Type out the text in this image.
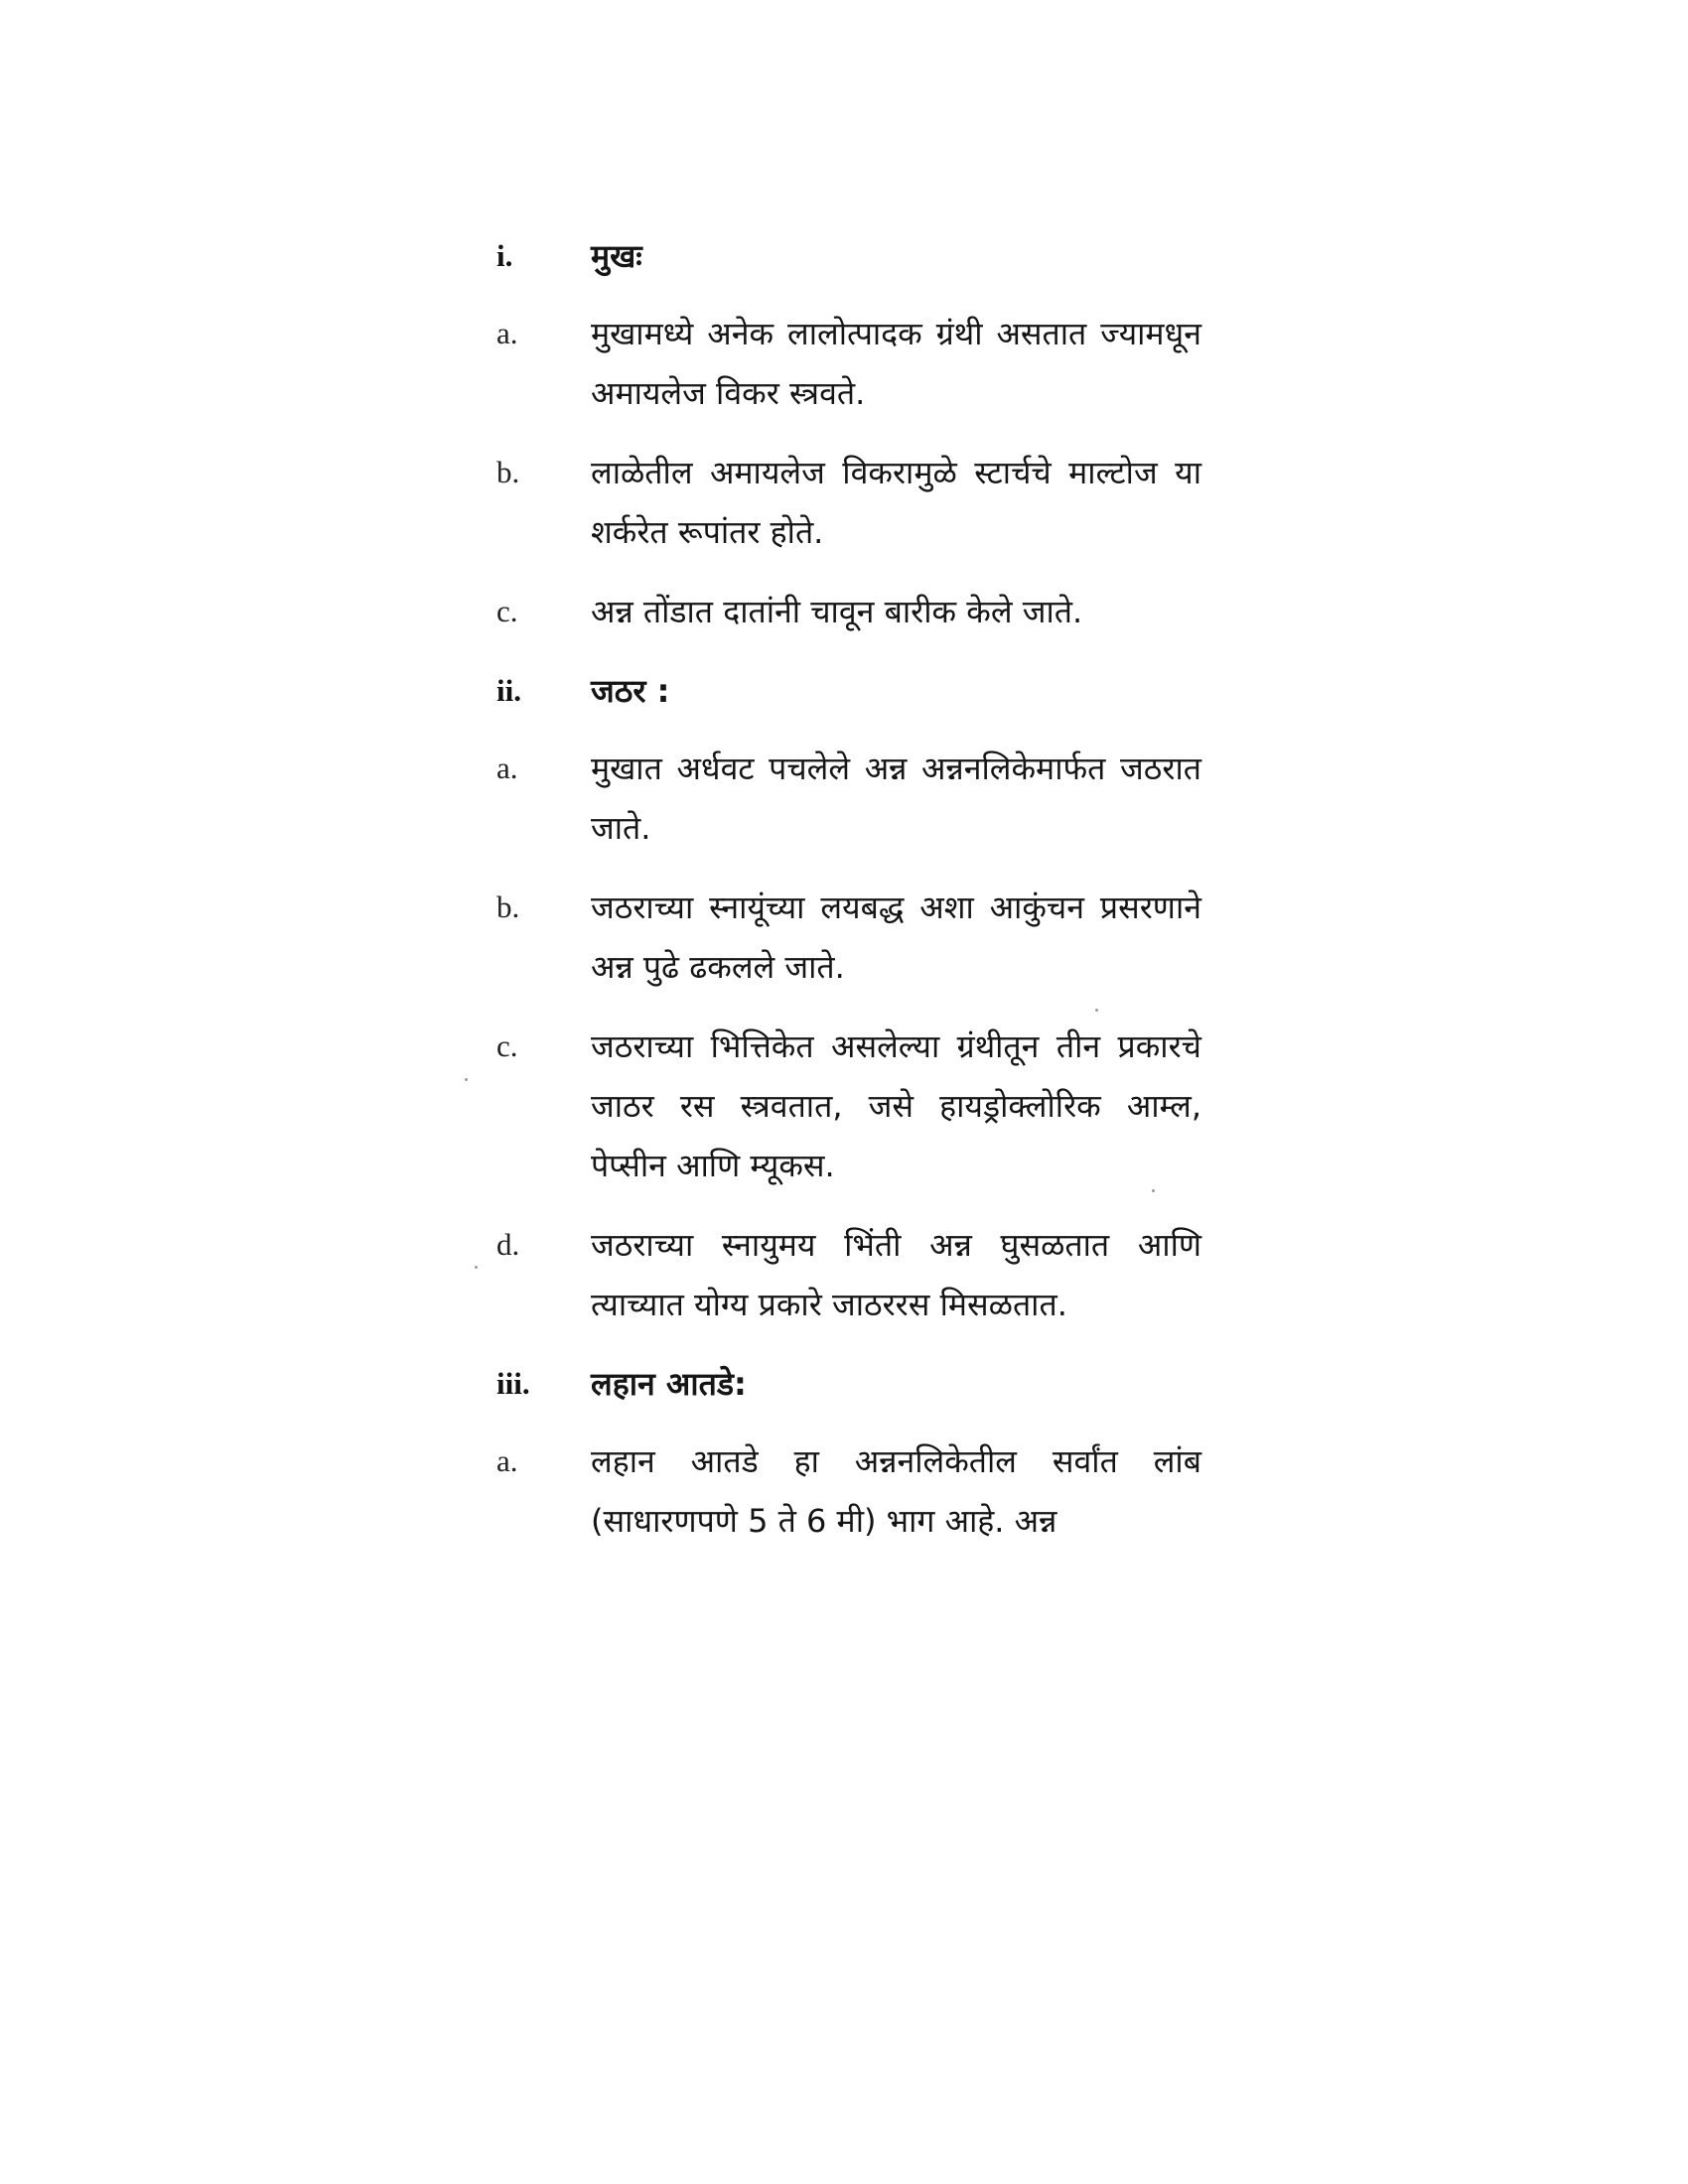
i.	मुखः
a.	मुखामध्ये अनेक लालोत्पादक ग्रंथी असतात ज्यामधून अमायलेज विकर स्त्रवते.
b.	लाळेतील अमायलेज विकरामुळे स्टार्चचे माल्टोज या शर्करेत रूपांतर होते.
c.	अन्न तोंडात दातांनी चावून बारीक केले जाते.
ii.	जठर :
a.	मुखात अर्धवट पचलेले अन्न अन्ननलिकेमार्फत जठरात जाते.
b.	जठराच्या स्नायूंच्या लयबद्ध अशा आकुंचन प्रसरणाने अन्न पुढे ढकलले जाते.
c.	जठराच्या भित्तिकेत असलेल्या ग्रंथीतून तीन प्रकारचे जाठर रस स्त्रवतात, जसे हायड्रोक्लोरिक आम्ल, पेप्सीन आणि म्यूकस.
d.	जठराच्या स्नायुमय भिंती अन्न घुसळतात आणि त्याच्यात योग्य प्रकारे जाठररस मिसळतात.
iii.	लहान आतडे:
a.	लहान आतडे हा अन्ननलिकेतील सर्वांत लांब (साधारणपणे 5 ते 6 मी) भाग आहे. अन्न
